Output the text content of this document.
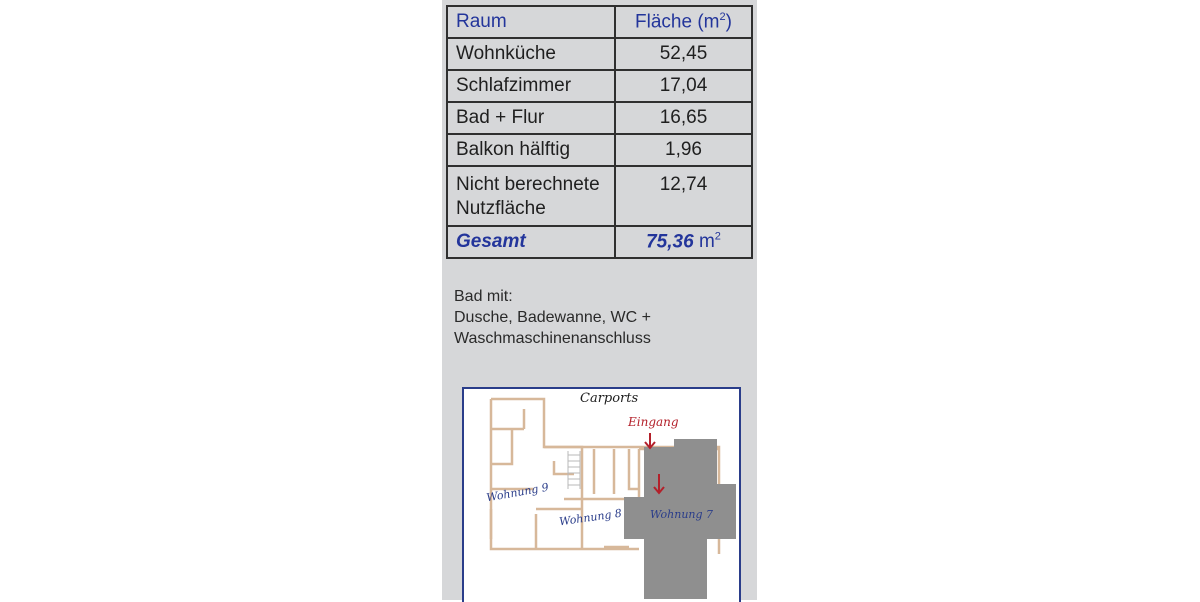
Raum	Fläche $(m^2)$
Wohnküche	52,45
Schlafzimmer	17,04
Bad + Flur	16,65
Balkon hälftig	1,96
Nicht berechnete Nutzfläche	12,74
Gesamt	75,36 $m^2$
Bad mit:
Dusche, Badewanne, WC +
Waschmaschinenanschluss
Carports
Eingang
Wohnung 9
Wohnung 8 Wohnung 7
